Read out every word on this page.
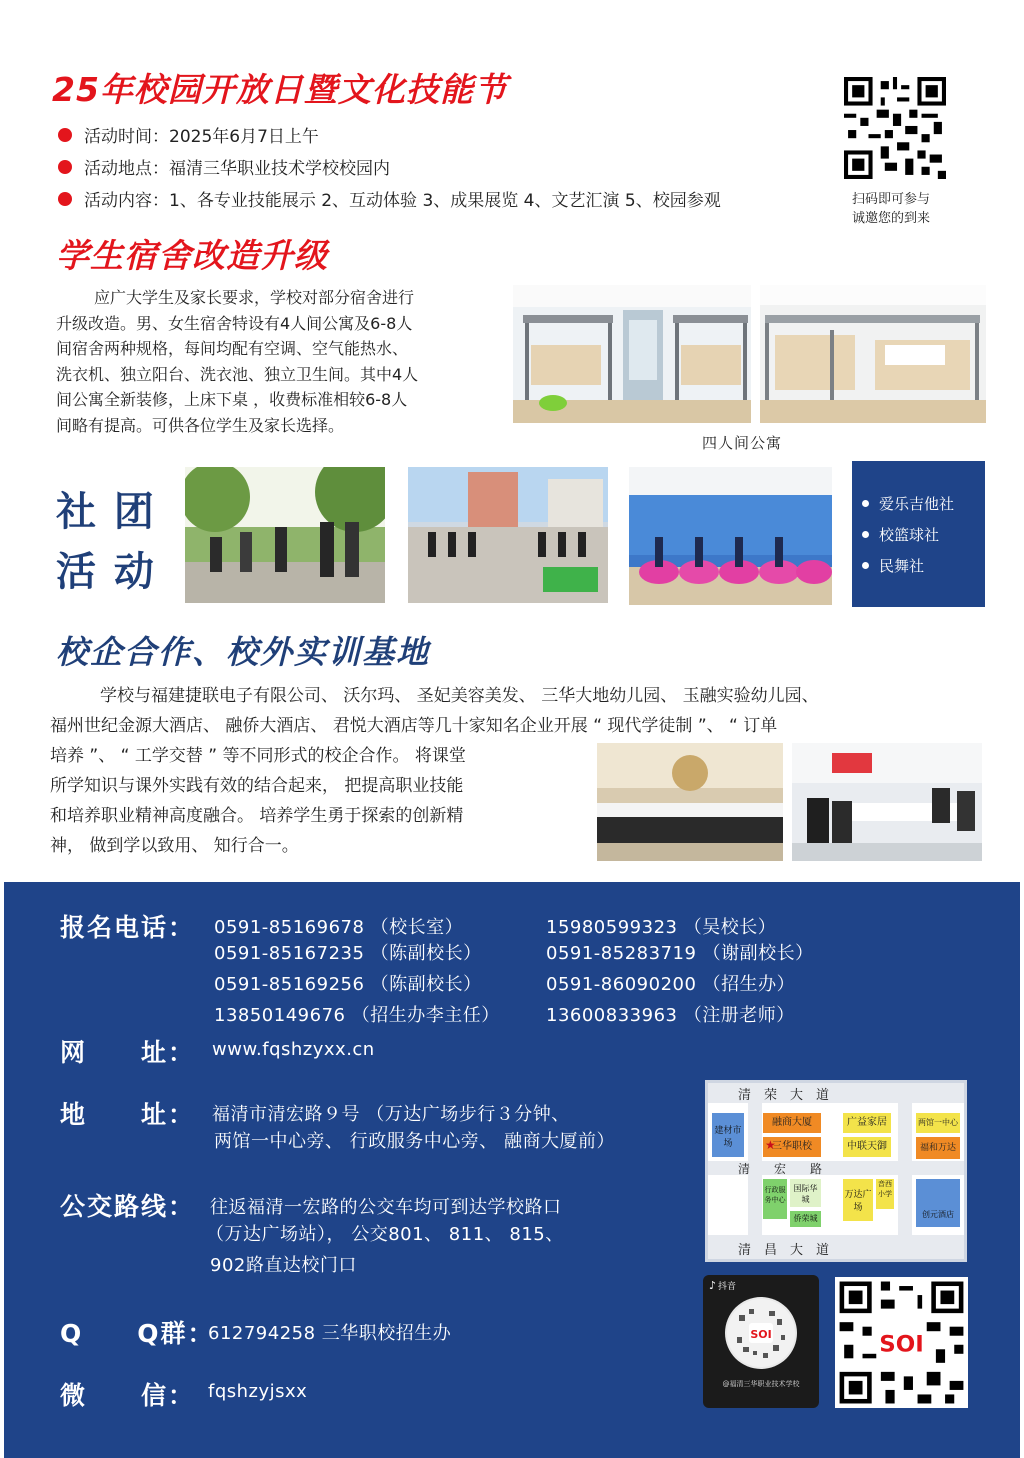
25年校园开放日暨文化技能节
活动时间：2025年6月7日上午
活动地点：福清三华职业技术学校校园内
活动内容：1、各专业技能展示 2、互动体验 3、成果展览 4、文艺汇演 5、校园参观	扫码即可参与
诚邀您的到来
学生宿舍改造升级
应广大学生及家长要求，学校对部分宿舍进行
升级改造。男、女生宿舍特设有4人间公寓及6-8人
间宿舍两种规格，每间均配有空调、空气能热水、
洗衣机、独立阳台、洗衣池、独立卫生间。其中4人
间公寓全新装修，上床下桌 ，收费标准相较6-8人
间略有提高。可供各位学生及家长选择。
四人间公寓
社 团
活 动
爱乐吉他社
校篮球社
民舞社
校企合作、校外实训基地
学校与福建捷联电子有限公司、 沃尔玛、 圣妃美容美发、 三华大地幼儿园、 玉融实验幼儿园、
福州世纪金源大酒店、 融侨大酒店、 君悦大酒店等几十家知名企业开展 “ 现代学徒制 ”、 “ 订单
培养 ”、 “ 工学交替 ” 等不同形式的校企合作。 将课堂
所学知识与课外实践有效的结合起来， 把提高职业技能
和培养职业精神高度融合。 培养学生勇于探索的创新精
神， 做到学以致用、 知行合一。
报名电话： 0591-85169678 （校长室）
0591-85167235 （陈副校长）
0591-85169256 （陈副校长）
13850149676 （招生办李主任）
15980599323 （吴校长）
0591-85283719 （谢副校长）
0591-86090200 （招生办）
13600833963 （注册老师）
网　　址： www.fqshzyxx.cn
地　　址： 福清市清宏路９号 （万达广场步行３分钟、
两馆一中心旁、 行政服务中心旁、 融商大厦前）
公交路线： 往返福清一宏路的公交车均可到达学校路口
（万达广场站）， 公交801、 811、 815、
902路直达校门口
Q　　Q群：
612794258 三华职校招生办
微　　信： fqshzyjsxx
清　荣　大　道
清　　宏　　路
清　昌　大　道
融商大厦	广益家居	两馆一中心
三华职校	中联天御	福和万达
建材市场
行政服务中心
国际华城	万达广场
音西小学
侨荣城	创元酒店
★
♪ 抖音
SOI
@福清三华职业技术学校
SOI
